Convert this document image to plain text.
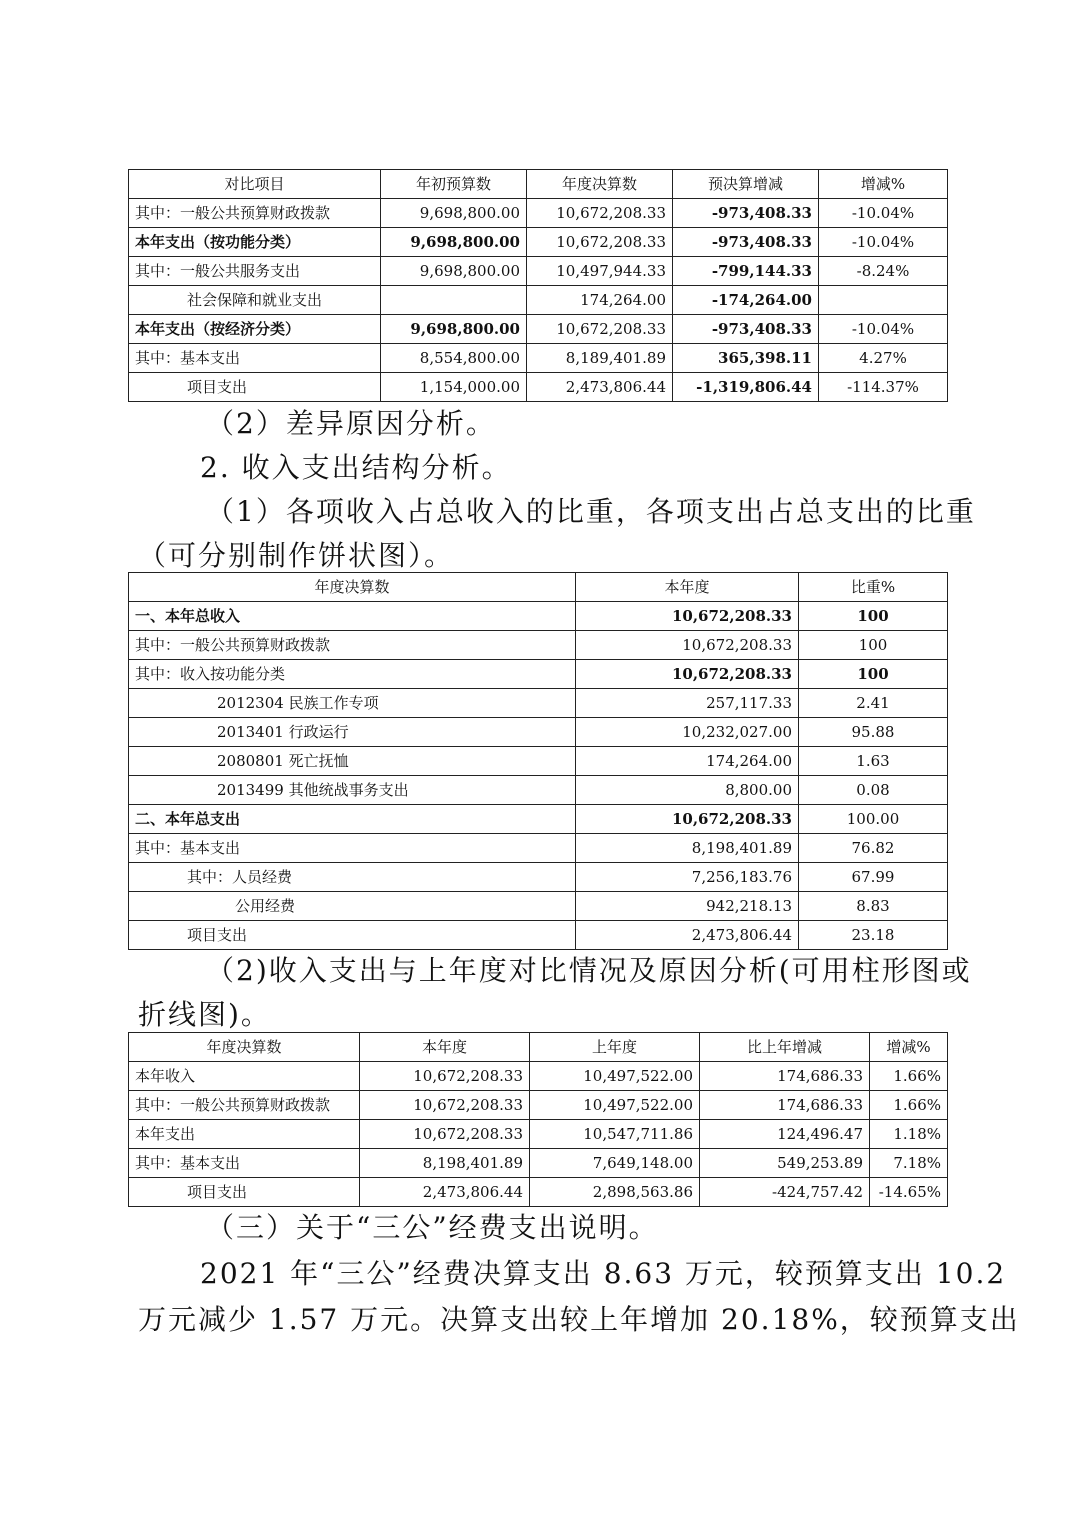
对比项目	年初预算数	年度决算数	预决算增减	增减%
其中：一般公共预算财政拨款	9,698,800.00	10,672,208.33	-973,408.33	-10.04%
本年支出（按功能分类）	9,698,800.00	10,672,208.33	-973,408.33	-10.04%
其中：一般公共服务支出	9,698,800.00	10,497,944.33	-799,144.33	-8.24%
社会保障和就业支出		174,264.00	-174,264.00	
本年支出（按经济分类）	9,698,800.00	10,672,208.33	-973,408.33	-10.04%
其中：基本支出	8,554,800.00	8,189,401.89	365,398.11	4.27%
项目支出	1,154,000.00	2,473,806.44	-1,319,806.44	-114.37%
（2）差异原因分析。
2. 收入支出结构分析。
（1）各项收入占总收入的比重，各项支出占总支出的比重
（可分别制作饼状图）。
年度决算数	本年度	比重%
一、本年总收入	10,672,208.33	100
其中：一般公共预算财政拨款	10,672,208.33	100
其中：收入按功能分类	10,672,208.33	100
2012304 民族工作专项	257,117.33	2.41
2013401 行政运行	10,232,027.00	95.88
2080801 死亡抚恤	174,264.00	1.63
2013499 其他统战事务支出	8,800.00	0.08
二、本年总支出	10,672,208.33	100.00
其中：基本支出	8,198,401.89	76.82
其中：人员经费	7,256,183.76	67.99
公用经费	942,218.13	8.83
项目支出	2,473,806.44	23.18
（2)收入支出与上年度对比情况及原因分析(可用柱形图或
折线图)。
年度决算数	本年度	上年度	比上年增减	增减%
本年收入	10,672,208.33	10,497,522.00	174,686.33	1.66%
其中：一般公共预算财政拨款	10,672,208.33	10,497,522.00	174,686.33	1.66%
本年支出	10,672,208.33	10,547,711.86	124,496.47	1.18%
其中：基本支出	8,198,401.89	7,649,148.00	549,253.89	7.18%
项目支出	2,473,806.44	2,898,563.86	-424,757.42	-14.65%
（三）关于“三公”经费支出说明。
2021 年“三公”经费决算支出 8.63 万元，较预算支出 10.2
万元减少 1.57 万元。决算支出较上年增加 20.18%，较预算支出
